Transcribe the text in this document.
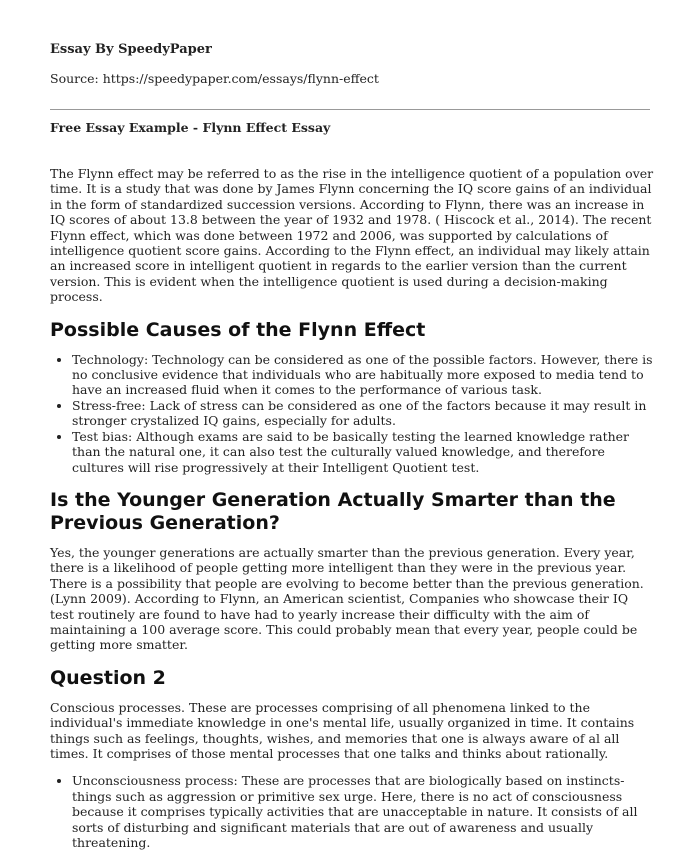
Essay By SpeedyPaper
Source: https://speedypaper.com/essays/flynn-effect
Free Essay Example - Flynn Effect Essay

The Flynn effect may be referred to as the rise in the intelligence quotient of a population over time. It is a study that was done by James Flynn concerning the IQ score gains of an individual in the form of standardized succession versions. According to Flynn, there was an increase in IQ scores of about 13.8 between the year of 1932 and 1978. ( Hiscock et al., 2014). The recent Flynn effect, which was done between 1972 and 2006, was supported by calculations of intelligence quotient score gains. According to the Flynn effect, an individual may likely attain an increased score in intelligent quotient in regards to the earlier version than the current version. This is evident when the intelligence quotient is used during a decision-making process.

Possible Causes of the Flynn Effect
• Technology: Technology can be considered as one of the possible factors. However, there is no conclusive evidence that individuals who are habitually more exposed to media tend to have an increased fluid when it comes to the performance of various task.
• Stress-free: Lack of stress can be considered as one of the factors because it may result in stronger crystalized IQ gains, especially for adults.
• Test bias: Although exams are said to be basically testing the learned knowledge rather than the natural one, it can also test the culturally valued knowledge, and therefore cultures will rise progressively at their Intelligent Quotient test.
Is the Younger Generation Actually Smarter than the Previous Generation?

Yes, the younger generations are actually smarter than the previous generation. Every year, there is a likelihood of people getting more intelligent than they were in the previous year. There is a possibility that people are evolving to become better than the previous generation. (Lynn 2009). According to Flynn, an American scientist, Companies who showcase their IQ test routinely are found to have had to yearly increase their difficulty with the aim of maintaining a 100 average score. This could probably mean that every year, people could be getting more smatter.

Question 2

Conscious processes. These are processes comprising of all phenomena linked to the individual's immediate knowledge in one's mental life, usually organized in time. It contains things such as feelings, thoughts, wishes, and memories that one is always aware of al all times. It comprises of those mental processes that one talks and thinks about rationally.

• Unconsciousness process: These are processes that are biologically based on instincts-things such as aggression or primitive sex urge. Here, there is no act of consciousness because it comprises typically activities that are unacceptable in nature. It consists of all sorts of disturbing and significant materials that are out of awareness and usually threatening.
